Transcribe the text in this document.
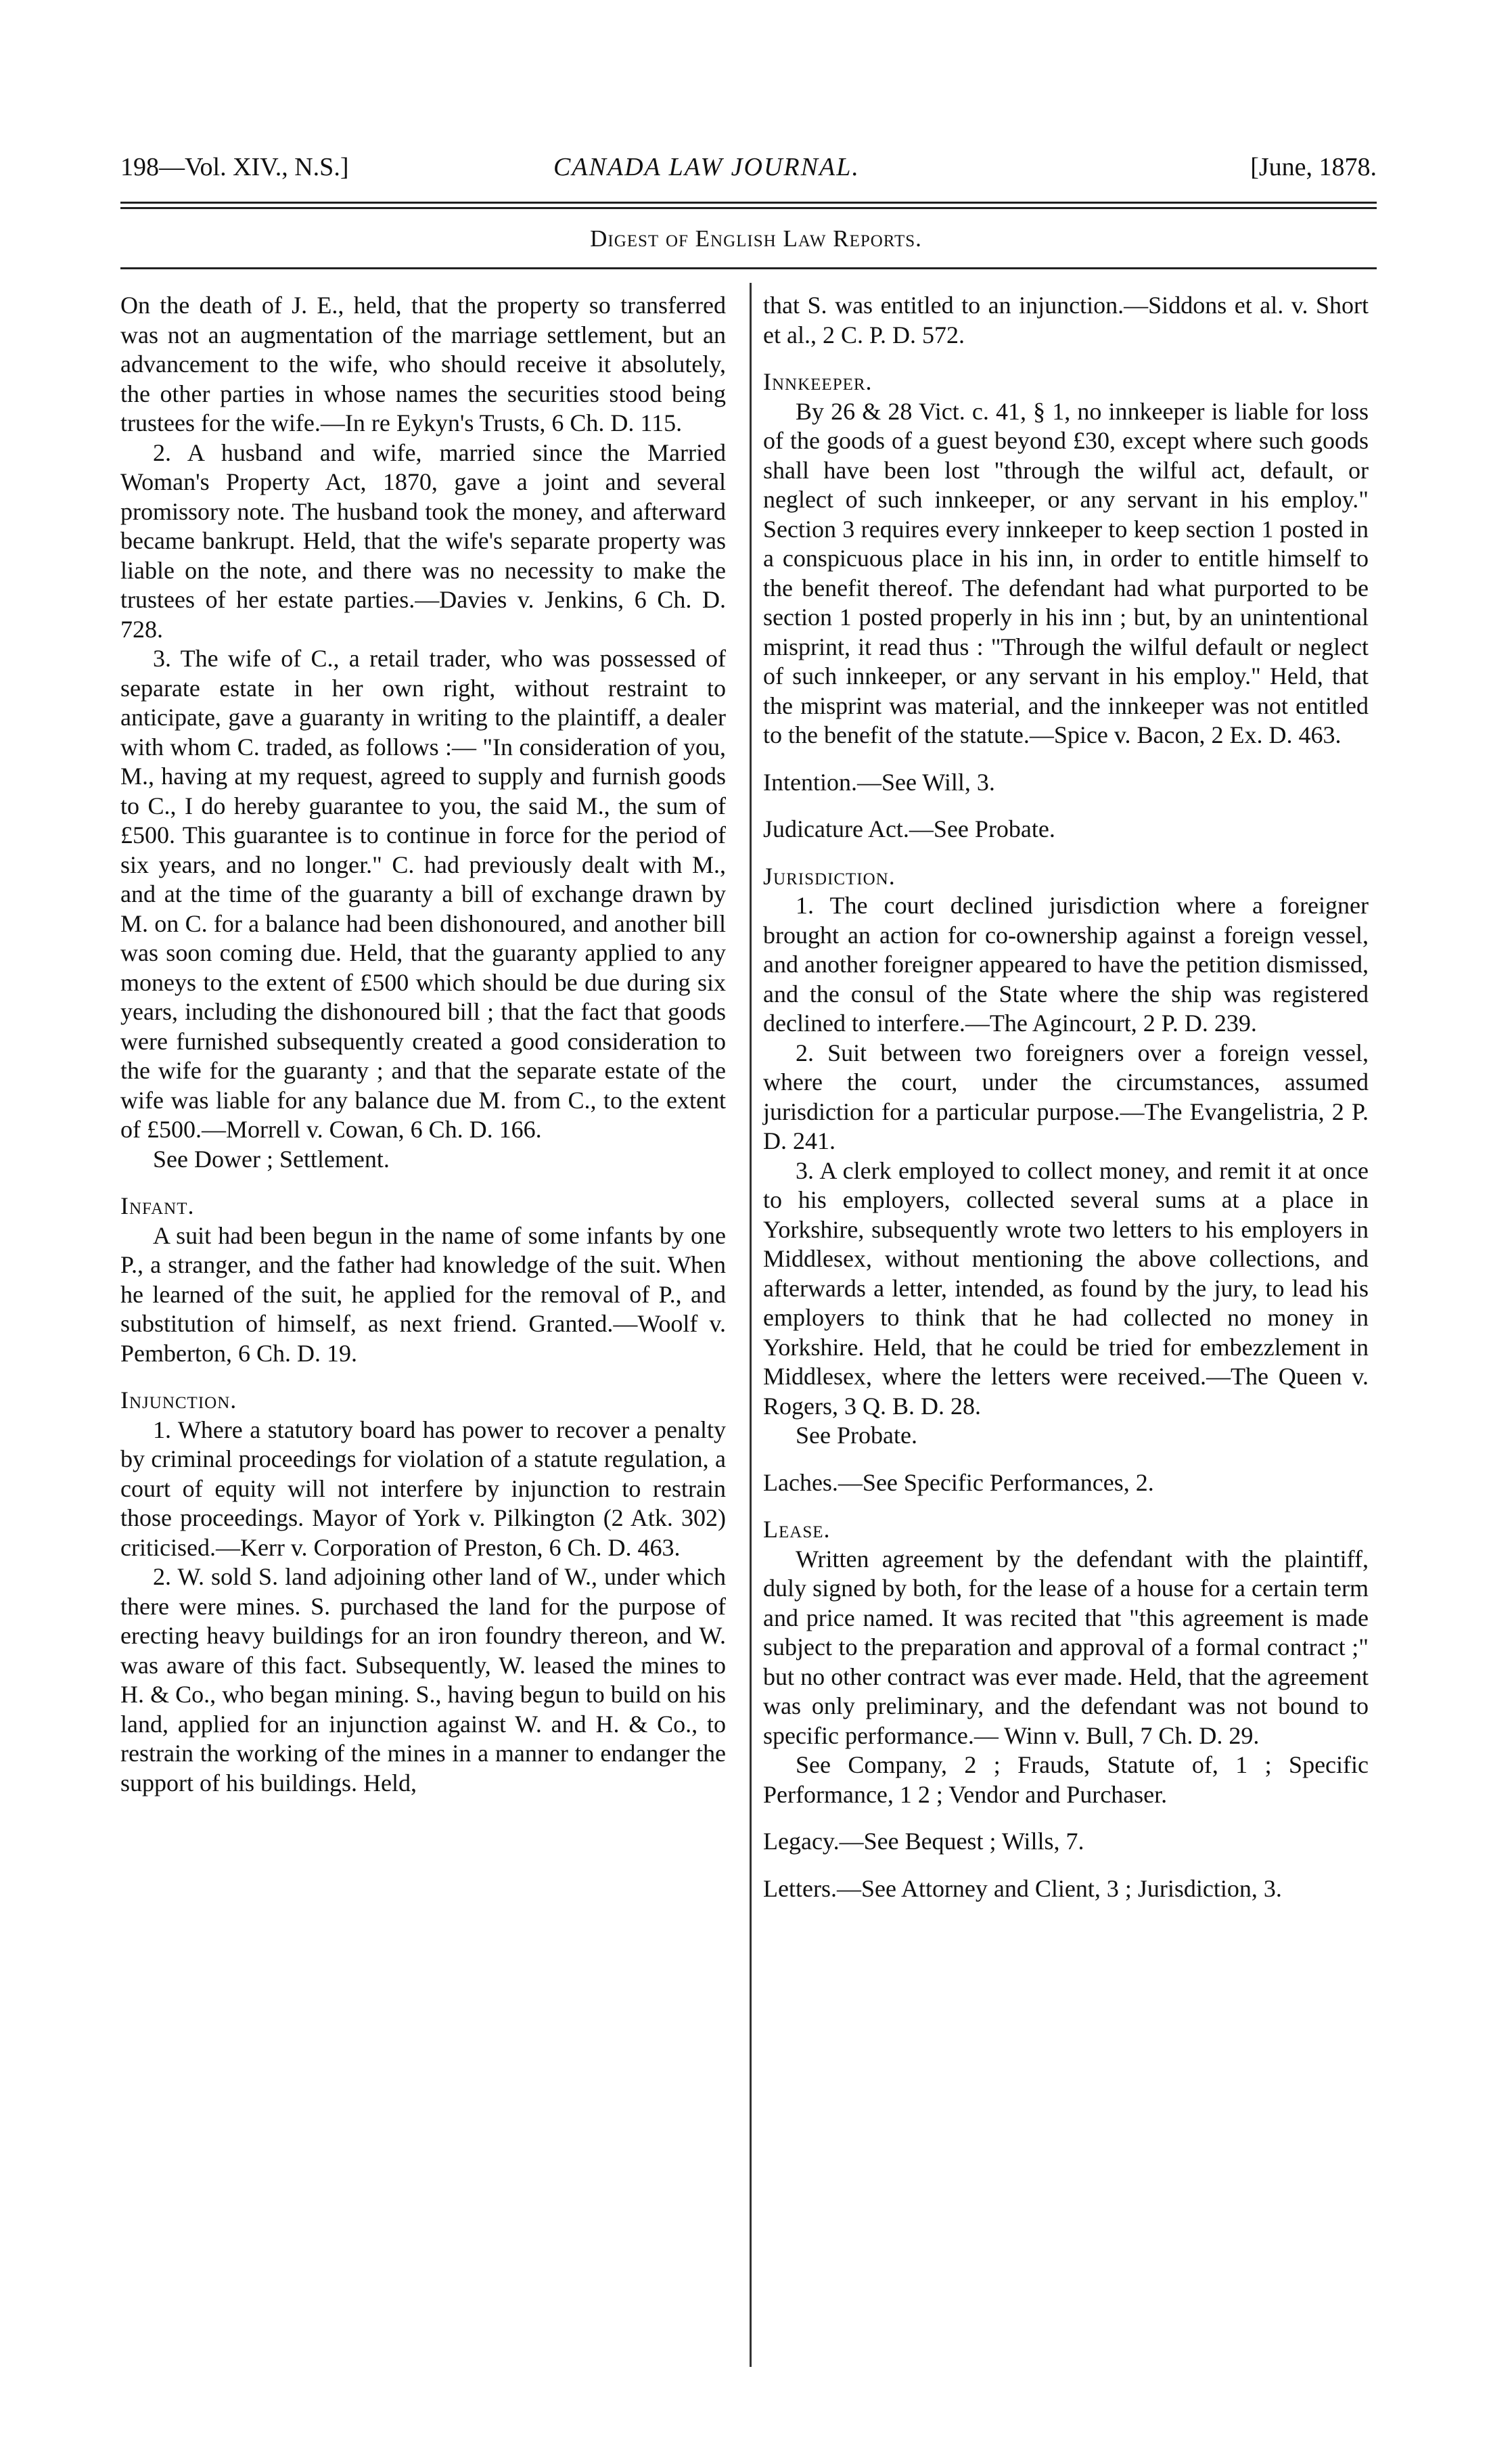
198—Vol. XIV., N.S.]	CANADA LAW JOURNAL.	[June, 1878.
Digest of English Law Reports.

On the death of J. E., held, that the property so transferred was not an augmentation of the marriage settlement, but an advancement to the wife, who should receive it absolutely, the other parties in whose names the securities stood being trustees for the wife.—In re Eykyn's Trusts, 6 Ch. D. 115.

2. A husband and wife, married since the Married Woman's Property Act, 1870, gave a joint and several promissory note. The husband took the money, and afterward became bankrupt. Held, that the wife's separate property was liable on the note, and there was no necessity to make the trustees of her estate parties.—Davies v. Jenkins, 6 Ch. D. 728.

3. The wife of C., a retail trader, who was possessed of separate estate in her own right, without restraint to anticipate, gave a guaranty in writing to the plaintiff, a dealer with whom C. traded, as follows :— "In consideration of you, M., having at my request, agreed to supply and furnish goods to C., I do hereby guarantee to you, the said M., the sum of £500. This guarantee is to continue in force for the period of six years, and no longer." C. had previously dealt with M., and at the time of the guaranty a bill of exchange drawn by M. on C. for a balance had been dishonoured, and another bill was soon coming due. Held, that the guaranty applied to any moneys to the extent of £500 which should be due during six years, including the dishonoured bill ; that the fact that goods were furnished subsequently created a good consideration to the wife for the guaranty ; and that the separate estate of the wife was liable for any balance due M. from C., to the extent of £500.—Morrell v. Cowan, 6 Ch. D. 166.

See Dower ; Settlement.

Infant.

A suit had been begun in the name of some infants by one P., a stranger, and the father had knowledge of the suit. When he learned of the suit, he applied for the removal of P., and substitution of himself, as next friend. Granted.—Woolf v. Pemberton, 6 Ch. D. 19.

Injunction.

1. Where a statutory board has power to recover a penalty by criminal proceedings for violation of a statute regulation, a court of equity will not interfere by injunction to restrain those proceedings. Mayor of York v. Pilkington (2 Atk. 302) criticised.—Kerr v. Corporation of Preston, 6 Ch. D. 463.

2. W. sold S. land adjoining other land of W., under which there were mines. S. purchased the land for the purpose of erecting heavy buildings for an iron foundry thereon, and W. was aware of this fact. Subsequently, W. leased the mines to H. & Co., who began mining. S., having begun to build on his land, applied for an injunction against W. and H. & Co., to restrain the working of the mines in a manner to endanger the support of his buildings. Held,

that S. was entitled to an injunction.—Siddons et al. v. Short et al., 2 C. P. D. 572.

Innkeeper.

By 26 & 28 Vict. c. 41, § 1, no innkeeper is liable for loss of the goods of a guest beyond £30, except where such goods shall have been lost "through the wilful act, default, or neglect of such innkeeper, or any servant in his employ." Section 3 requires every innkeeper to keep section 1 posted in a conspicuous place in his inn, in order to entitle himself to the benefit thereof. The defendant had what purported to be section 1 posted properly in his inn ; but, by an unintentional misprint, it read thus : "Through the wilful default or neglect of such innkeeper, or any servant in his employ." Held, that the misprint was material, and the innkeeper was not entitled to the benefit of the statute.—Spice v. Bacon, 2 Ex. D. 463.

Intention.—See Will, 3.

Judicature Act.—See Probate.

Jurisdiction.

1. The court declined jurisdiction where a foreigner brought an action for co-ownership against a foreign vessel, and another foreigner appeared to have the petition dismissed, and the consul of the State where the ship was registered declined to interfere.—The Agincourt, 2 P. D. 239.

2. Suit between two foreigners over a foreign vessel, where the court, under the circumstances, assumed jurisdiction for a particular purpose.—The Evangelistria, 2 P. D. 241.

3. A clerk employed to collect money, and remit it at once to his employers, collected several sums at a place in Yorkshire, subsequently wrote two letters to his employers in Middlesex, without mentioning the above collections, and afterwards a letter, intended, as found by the jury, to lead his employers to think that he had collected no money in Yorkshire. Held, that he could be tried for embezzlement in Middlesex, where the letters were received.—The Queen v. Rogers, 3 Q. B. D. 28.

See Probate.

Laches.—See Specific Performances, 2.

Lease.

Written agreement by the defendant with the plaintiff, duly signed by both, for the lease of a house for a certain term and price named. It was recited that "this agreement is made subject to the preparation and approval of a formal contract ;" but no other contract was ever made. Held, that the agreement was only preliminary, and the defendant was not bound to specific performance.— Winn v. Bull, 7 Ch. D. 29.

See Company, 2 ; Frauds, Statute of, 1 ; Specific Performance, 1 2 ; Vendor and Purchaser.

Legacy.—See Bequest ; Wills, 7.

Letters.—See Attorney and Client, 3 ; Jurisdiction, 3.
